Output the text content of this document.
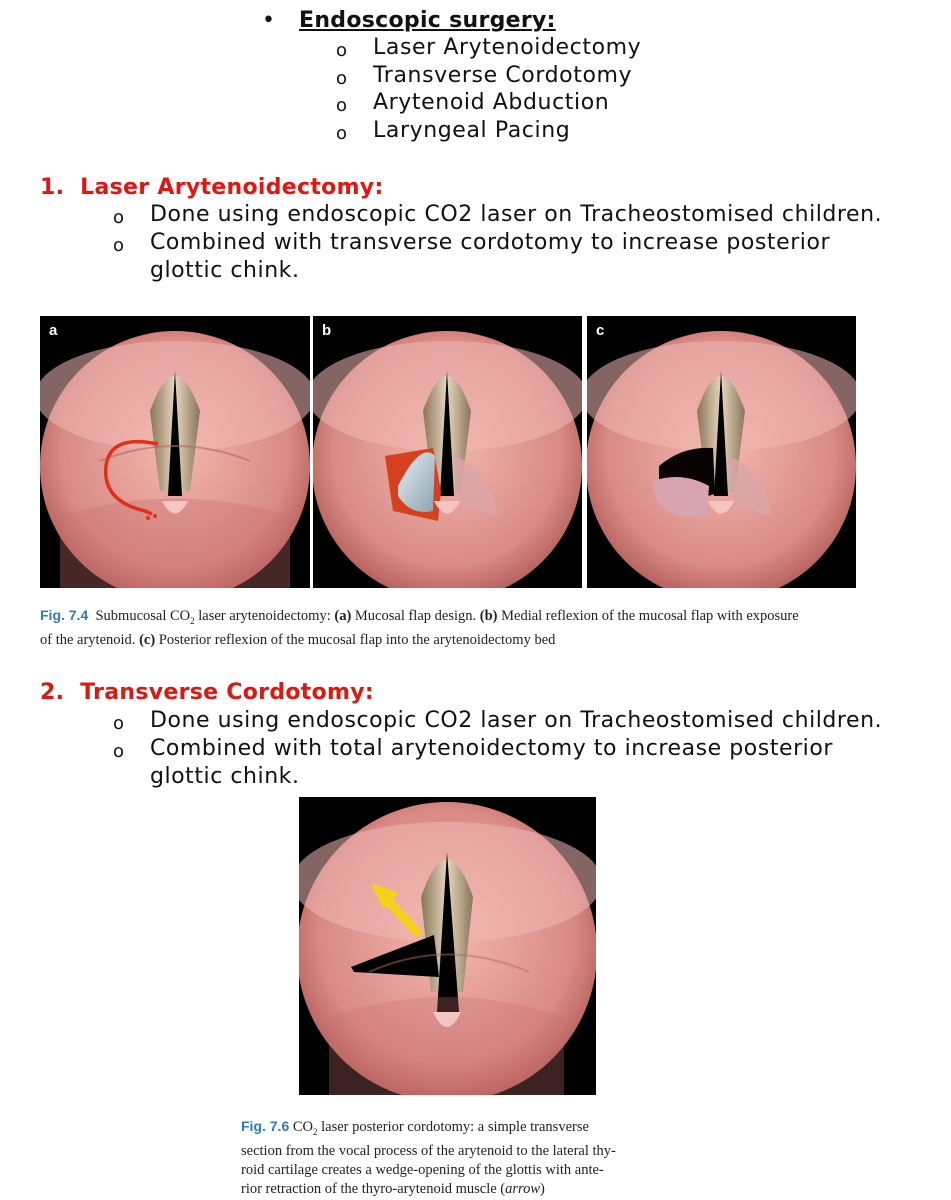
• Endoscopic surgery:
o Laser Arytenoidectomy
o Transverse Cordotomy
o Arytenoid Abduction
o Laryngeal Pacing
1.  Laser Arytenoidectomy:
o Done using endoscopic CO2 laser on Tracheostomised children.
o Combined with transverse cordotomy to increase posterior
glottic chink.
a	b	c
Fig. 7.4 Submucosal $CO_2$ laser arytenoidectomy: (a) Mucosal flap design. (b) Medial reflexion of the mucosal flap with exposure
of the arytenoid. (c) Posterior reflexion of the mucosal flap into the arytenoidectomy bed
2.  Transverse Cordotomy:
o Done using endoscopic CO2 laser on Tracheostomised children.
o Combined with total arytenoidectomy to increase posterior
glottic chink.
Fig. 7.6 $CO_2$ laser posterior cordotomy: a simple transverse
section from the vocal process of the arytenoid to the lateral thy-
roid cartilage creates a wedge-opening of the glottis with ante-
rior retraction of the thyro-arytenoid muscle (arrow)
